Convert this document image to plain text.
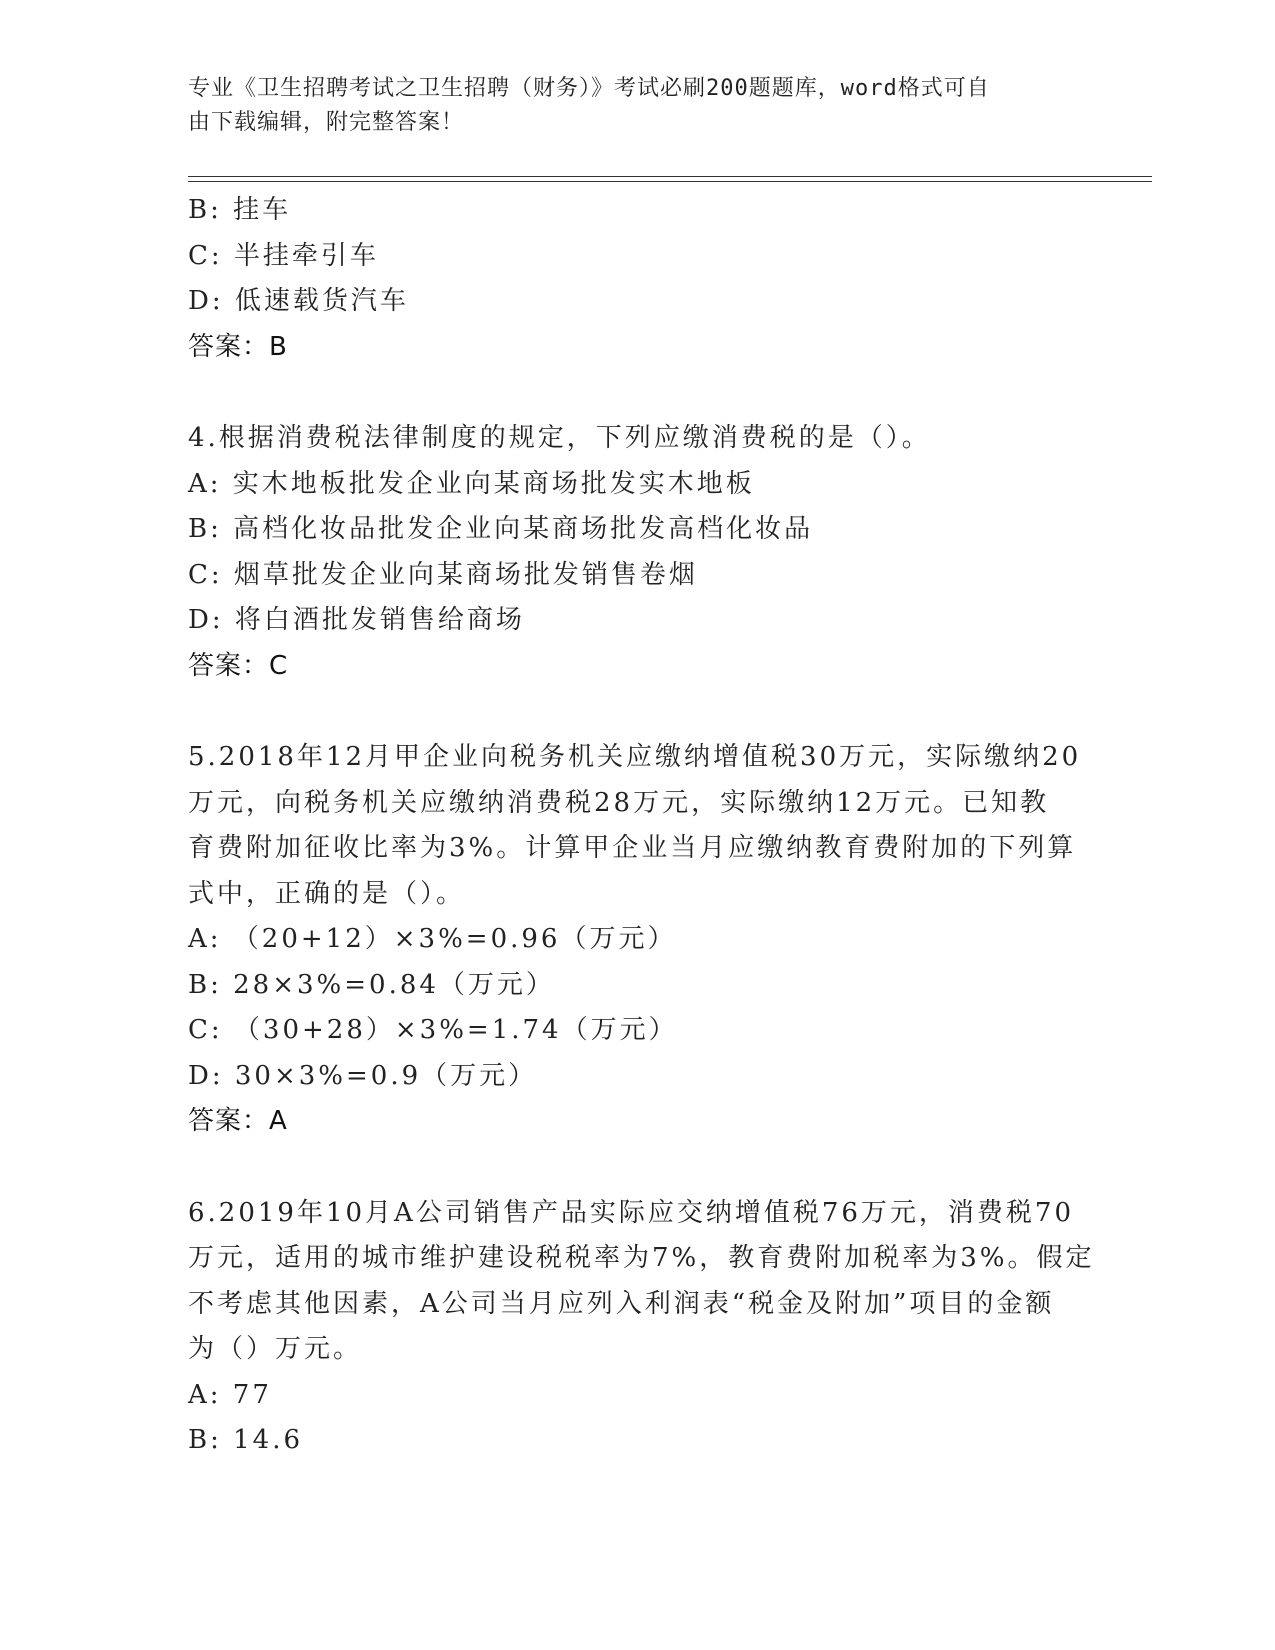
专业《卫生招聘考试之卫生招聘（财务）》考试必刷200题题库，word格式可自
由下载编辑，附完整答案！
B: 挂车
C: 半挂牵引车
D: 低速载货汽车
答案：B
4.根据消费税法律制度的规定，下列应缴消费税的是（）。
A: 实木地板批发企业向某商场批发实木地板
B: 高档化妆品批发企业向某商场批发高档化妆品
C: 烟草批发企业向某商场批发销售卷烟
D: 将白酒批发销售给商场
答案：C
5.2018年12月甲企业向税务机关应缴纳增值税30万元，实际缴纳20
万元，向税务机关应缴纳消费税28万元，实际缴纳12万元。已知教
育费附加征收比率为3%。计算甲企业当月应缴纳教育费附加的下列算
式中，正确的是（）。
A: （20+12）×3%=0.96（万元）
B: 28×3%=0.84（万元）
C: （30+28）×3%=1.74（万元）
D: 30×3%=0.9（万元）
答案：A
6.2019年10月A公司销售产品实际应交纳增值税76万元，消费税70
万元，适用的城市维护建设税税率为7%，教育费附加税率为3%。假定
不考虑其他因素，A公司当月应列入利润表“税金及附加”项目的金额
为（）万元。
A: 77
B: 14.6
